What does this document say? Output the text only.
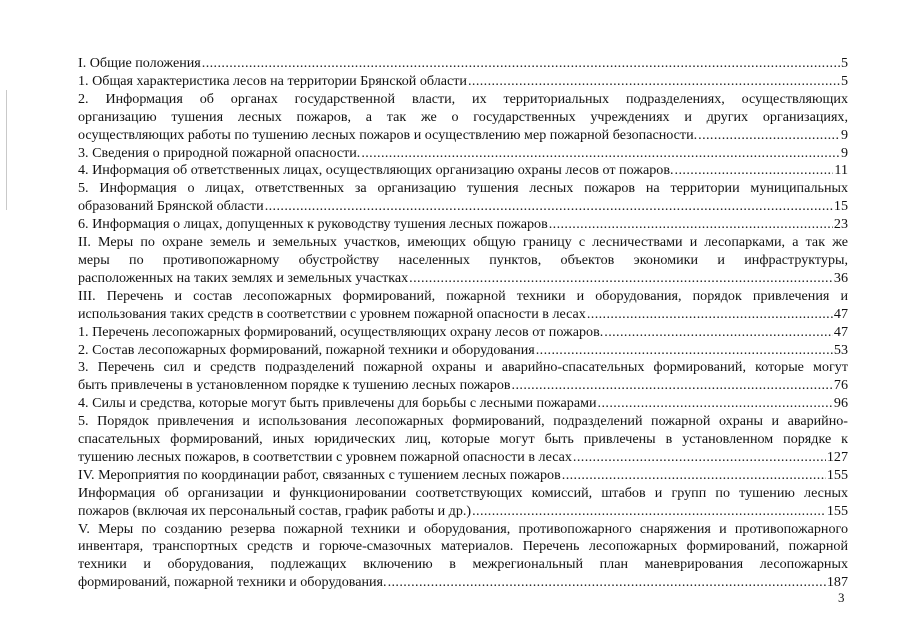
I. Общие положения .....	5
1. Общая характеристика лесов на территории Брянской области .....	5
2. Информация об органах государственной власти, их территориальных подразделениях, осуществляющих
организацию тушения лесных пожаров, а так же о государственных учреждениях и других организациях,
осуществляющих работы по тушению лесных пожаров и осуществлению мер пожарной безопасности. .....	9
3. Сведения о природной пожарной опасности. .....	9
4. Информация об ответственных лицах, осуществляющих организацию охраны лесов от пожаров. .....	11
5. Информация о лицах, ответственных за организацию тушения лесных пожаров на территории муниципальных
образований Брянской области .....	15
6. Информация о лицах, допущенных к руководству тушения лесных пожаров .....	23
II. Меры по охране земель и земельных участков, имеющих общую границу с лесничествами и лесопарками, а так же
меры по противопожарному обустройству населенных пунктов, объектов экономики и инфраструктуры,
расположенных на таких землях и земельных участках .....	36
III. Перечень и состав лесопожарных формирований, пожарной техники и оборудования, порядок привлечения и
использования таких средств в соответствии с уровнем пожарной опасности в лесах .....	47
1. Перечень лесопожарных формирований, осуществляющих охрану лесов от пожаров. .....	47
2. Состав лесопожарных формирований, пожарной техники и оборудования .....	53
3. Перечень сил и средств подразделений пожарной охраны и аварийно-спасательных формирований, которые могут
быть привлечены в установленном порядке к тушению лесных пожаров .....	76
4. Силы и средства, которые могут быть привлечены для борьбы с лесными пожарами .....	96
5. Порядок привлечения и использования лесопожарных формирований, подразделений пожарной охраны и аварийно-
спасательных формирований, иных юридических лиц, которые могут быть привлечены в установленном порядке к
тушению лесных пожаров, в соответствии с уровнем пожарной опасности в лесах .....	127
IV. Мероприятия по координации работ, связанных с тушением лесных пожаров .....	155
Информация об организации и функционировании соответствующих комиссий, штабов и групп по тушению лесных
пожаров (включая их персональный состав, график работы и др.) .....	155
V. Меры по созданию резерва пожарной техники и оборудования, противопожарного снаряжения и противопожарного
инвентаря, транспортных средств и горюче-смазочных материалов. Перечень лесопожарных формирований, пожарной
техники и оборудования, подлежащих включению в межрегиональный план маневрирования лесопожарных
формирований, пожарной техники и оборудования. .....	187
3
